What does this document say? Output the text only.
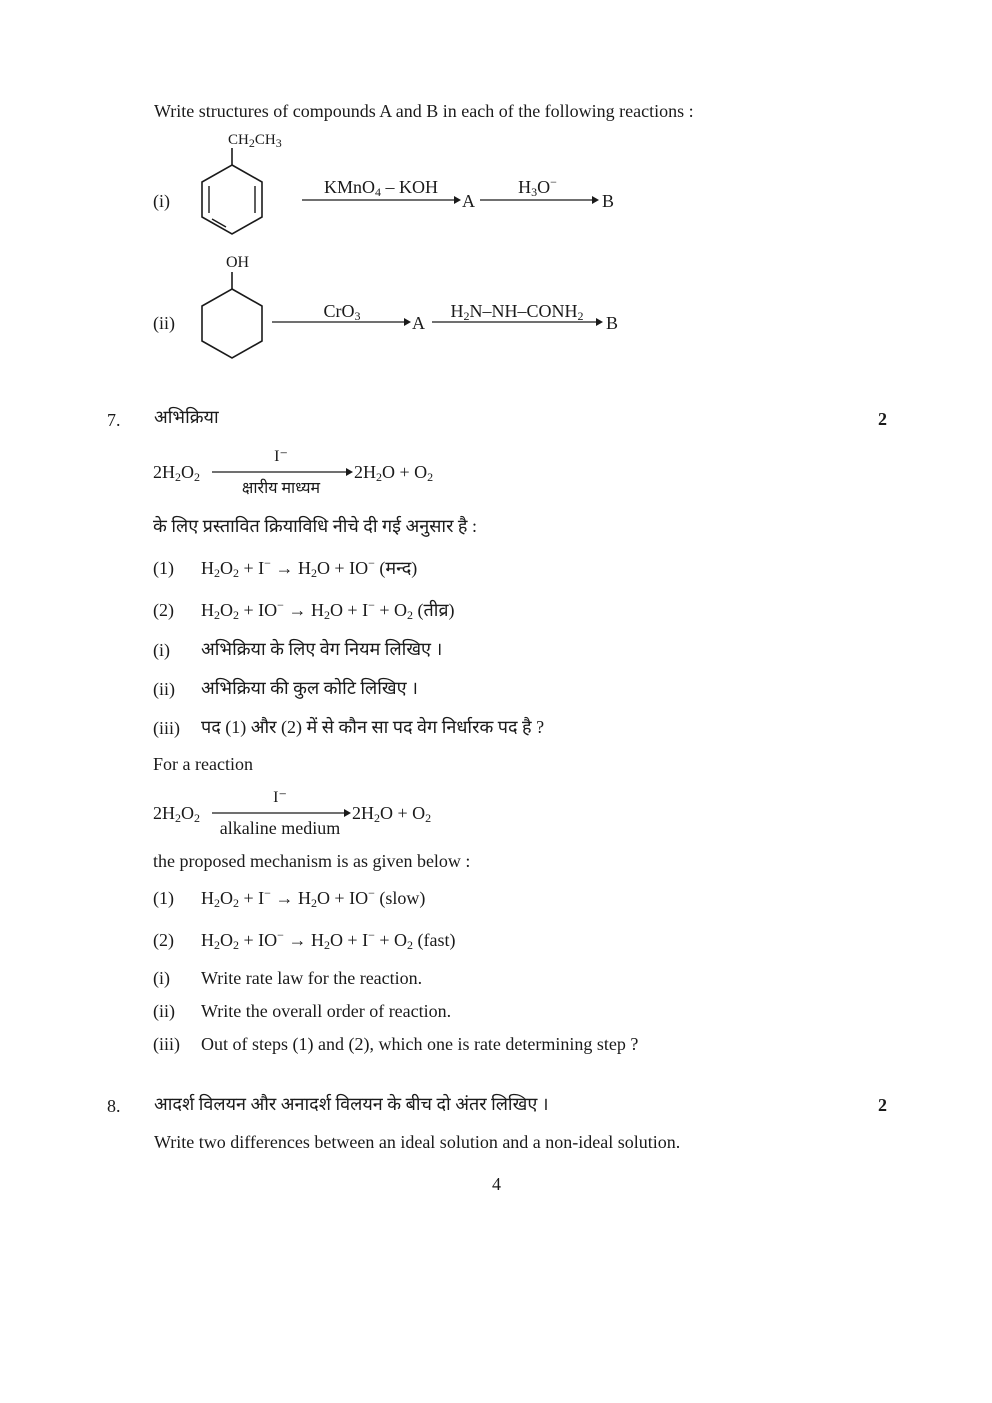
Write structures of compounds A and B in each of the following reactions :
(i)
$CH_2CH_3$
KMnO$_4$ – KOH
A
$H_3O^-$
B
(ii)
OH
CrO$_3$	A
$H_2N-NH-CONH_2$	B
7. अभिक्रिया	2
$2H_2O_2$
I⁻
क्षारीय माध्यम
$2H_2O + O_2$
के लिए प्रस्तावित क्रियाविधि नीचे दी गई अनुसार है :
(1) $H_2O_2 + I^- \to H_2O + IO^-$ (मन्द)
(2) $H_2O_2 + IO^- \to H_2O + I^- + O_2$ (तीव्र)
(i) अभिक्रिया के लिए वेग नियम लिखिए ।
(ii) अभिक्रिया की कुल कोटि लिखिए ।
(iii) पद (1) और (2) में से कौन सा पद वेग निर्धारक पद है ?
For a reaction
$2H_2O_2$
I⁻
alkaline medium
$2H_2O + O_2$
the proposed mechanism is as given below :
(1) $H_2O_2 + I^- \to H_2O + IO^-$ (slow)
(2) $H_2O_2 + IO^- \to H_2O + I^- + O_2$ (fast)
(i) Write rate law for the reaction.
(ii) Write the overall order of reaction.
(iii) Out of steps (1) and (2), which one is rate determining step ?
8. आदर्श विलयन और अनादर्श विलयन के बीच दो अंतर लिखिए ।	2
Write two differences between an ideal solution and a non-ideal solution.
4
